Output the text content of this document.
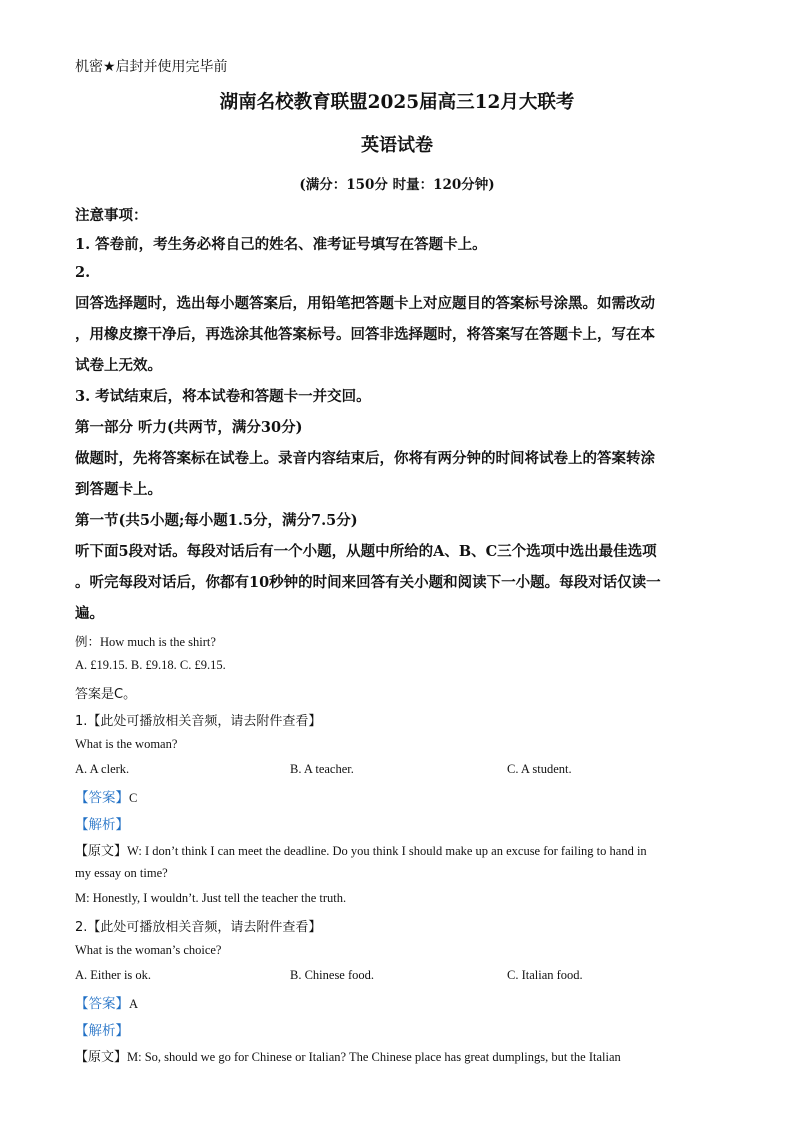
机密★启封并使用完毕前
湖南名校教育联盟2025届高三12月大联考
英语试卷
(满分：150分 时量：120分钟)
注意事项：
1. 答卷前，考生务必将自己的姓名、准考证号填写在答题卡上。
2.
回答选择题时，选出每小题答案后，用铅笔把答题卡上对应题目的答案标号涂黑。如需改动
，用橡皮擦干净后，再选涂其他答案标号。回答非选择题时，将答案写在答题卡上，写在本
试卷上无效。
3. 考试结束后，将本试卷和答题卡一并交回。
第一部分 听力(共两节，满分30分)
做题时，先将答案标在试卷上。录音内容结束后，你将有两分钟的时间将试卷上的答案转涂
到答题卡上。
第一节(共5小题;每小题1.5分，满分7.5分)
听下面5段对话。每段对话后有一个小题，从题中所给的A、B、C三个选项中选出最佳选项
。听完每段对话后，你都有10秒钟的时间来回答有关小题和阅读下一小题。每段对话仅读一
遍。
例：How much is the shirt?
A. £19.15. B. £9.18. C. £9.15.
答案是C。
1.【此处可播放相关音频，请去附件查看】
What is the woman?
A. A clerk.	B. A teacher.	C. A student.
【答案】C
【解析】
【原文】W: I don’t think I can meet the deadline. Do you think I should make up an excuse for failing to hand in
my essay on time?
M: Honestly, I wouldn’t. Just tell the teacher the truth.
2.【此处可播放相关音频，请去附件查看】
What is the woman’s choice?
A. Either is ok.	B. Chinese food.	C. Italian food.
【答案】A
【解析】
【原文】M: So, should we go for Chinese or Italian? The Chinese place has great dumplings, but the Italian
